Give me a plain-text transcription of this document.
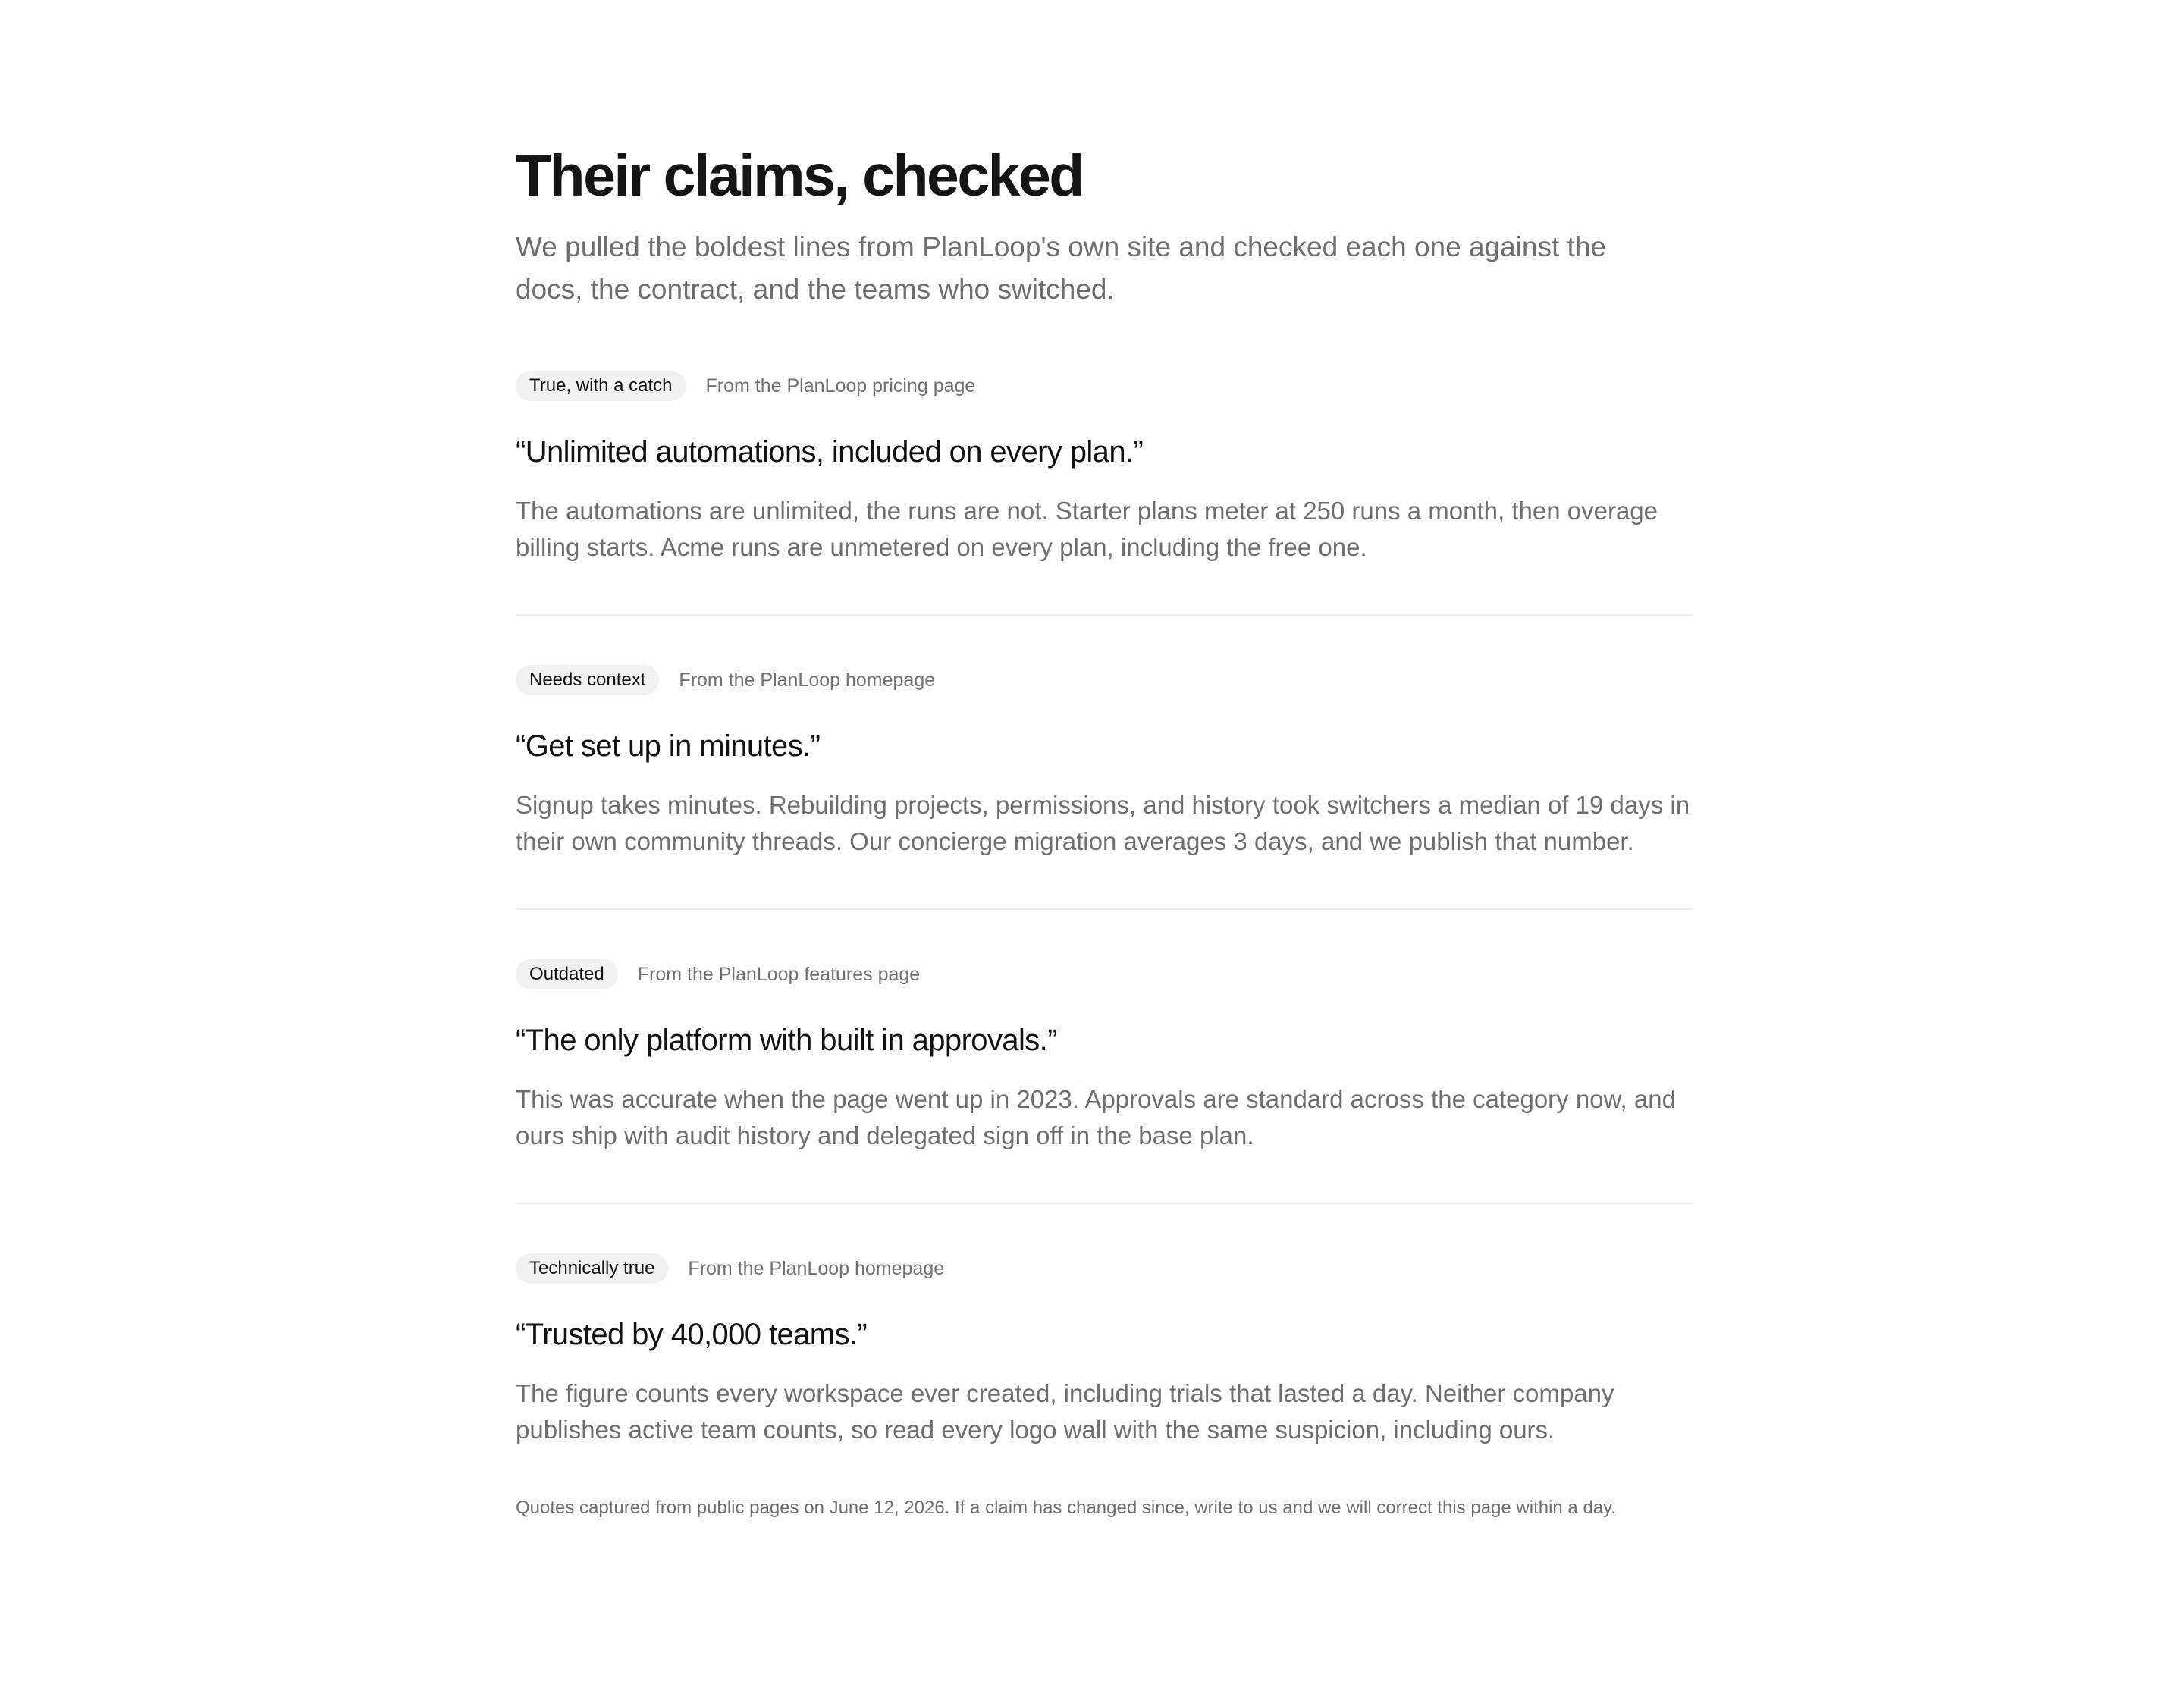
Their claims, checked

We pulled the boldest lines from PlanLoop's own site and checked each one against the docs, the contract, and the teams who switched.

True, with a catch	From the PlanLoop pricing page
“Unlimited automations, included on every plan.”

The automations are unlimited, the runs are not. Starter plans meter at 250 runs a month, then overage billing starts. Acme runs are unmetered on every plan, including the free one.

Needs context	From the PlanLoop homepage
“Get set up in minutes.”

Signup takes minutes. Rebuilding projects, permissions, and history took switchers a median of 19 days in their own community threads. Our concierge migration averages 3 days, and we publish that number.

Outdated	From the PlanLoop features page
“The only platform with built in approvals.”

This was accurate when the page went up in 2023. Approvals are standard across the category now, and ours ship with audit history and delegated sign off in the base plan.

Technically true	From the PlanLoop homepage
“Trusted by 40,000 teams.”

The figure counts every workspace ever created, including trials that lasted a day. Neither company publishes active team counts, so read every logo wall with the same suspicion, including ours.

Quotes captured from public pages on June 12, 2026. If a claim has changed since, write to us and we will correct this page within a day.
